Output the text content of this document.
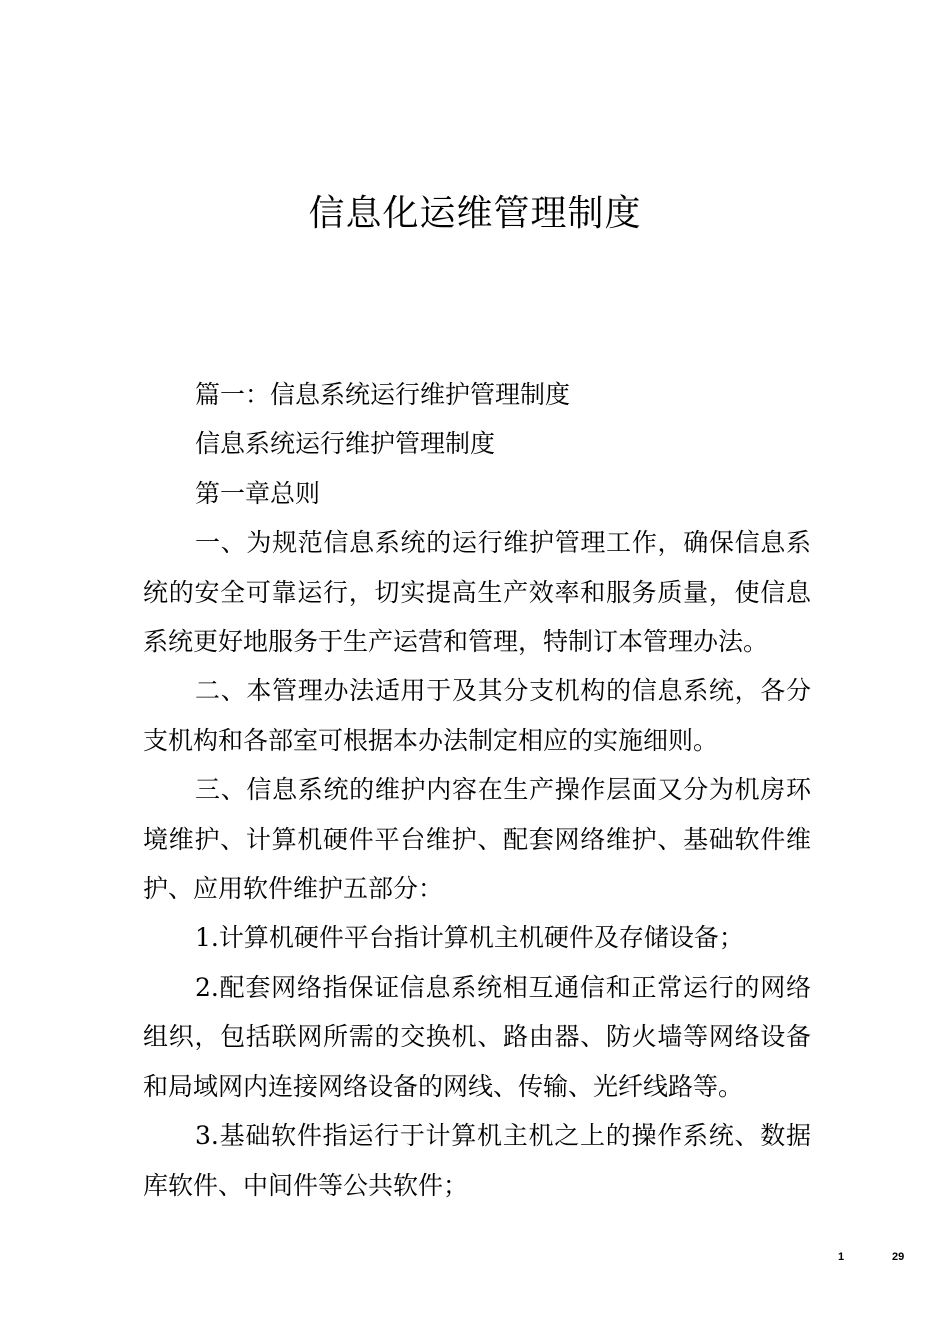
信息化运维管理制度

篇一：信息系统运行维护管理制度

信息系统运行维护管理制度

第一章总则

一、为规范信息系统的运行维护管理工作，确保信息系统的安全可靠运行，切实提高生产效率和服务质量，使信息系统更好地服务于生产运营和管理，特制订本管理办法。

二、本管理办法适用于及其分支机构的信息系统，各分支机构和各部室可根据本办法制定相应的实施细则。

三、信息系统的维护内容在生产操作层面又分为机房环境维护、计算机硬件平台维护、配套网络维护、基础软件维护、应用软件维护五部分：

1.计算机硬件平台指计算机主机硬件及存储设备；

2.配套网络指保证信息系统相互通信和正常运行的网络组织，包括联网所需的交换机、路由器、防火墙等网络设备和局域网内连接网络设备的网线、传输、光纤线路等。

3.基础软件指运行于计算机主机之上的操作系统、数据库软件、中间件等公共软件；

1	29
